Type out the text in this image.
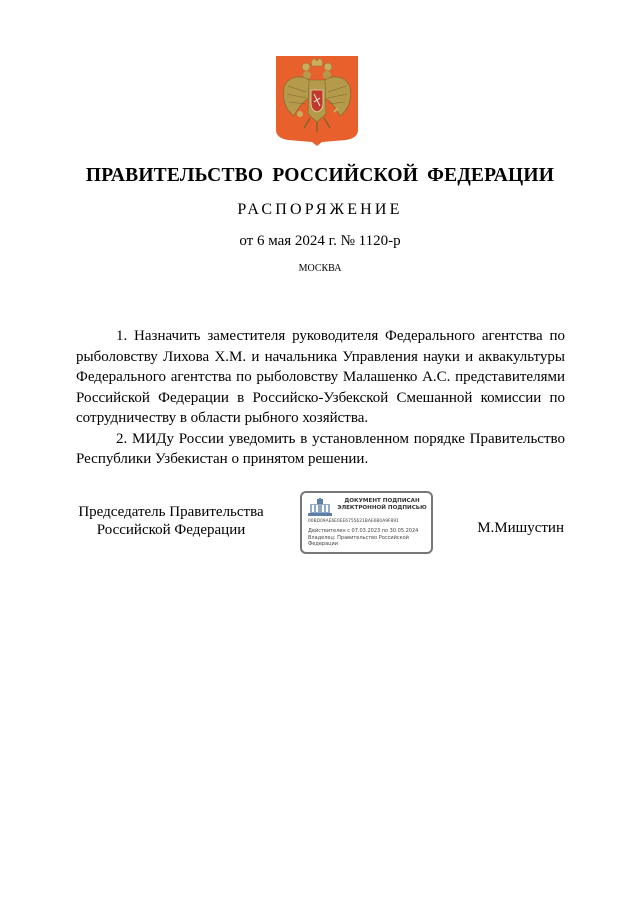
ПРАВИТЕЛЬСТВО РОССИЙСКОЙ ФЕДЕРАЦИИ
РАСПОРЯЖЕНИЕ
от 6 мая 2024 г. № 1120-р
МОСКВА

1. Назначить заместителя руководителя Федерального агентства по рыболовству Лихова Х.М. и начальника Управления науки и аквакультуры Федерального агентства по рыболовству Малашенко А.С. представителями Российской Федерации в Российско-Узбекской Смешанной комиссии по сотрудничеству в области рыбного хозяйства.

2. МИДу России уведомить в установленном порядке Правительство Республики Узбекистан о принятом решении.

Председатель Правительства
Российской Федерации
ДОКУМЕНТ ПОДПИСАН
ЭЛЕКТРОННОЙ ПОДПИСЬЮ
00BD09AE6E0EE6755621BAE6B0A9F891
Действителен с 07.03.2023 по 30.05.2024
Владелец: Правительство Российской Федерации
М.Мишустин
